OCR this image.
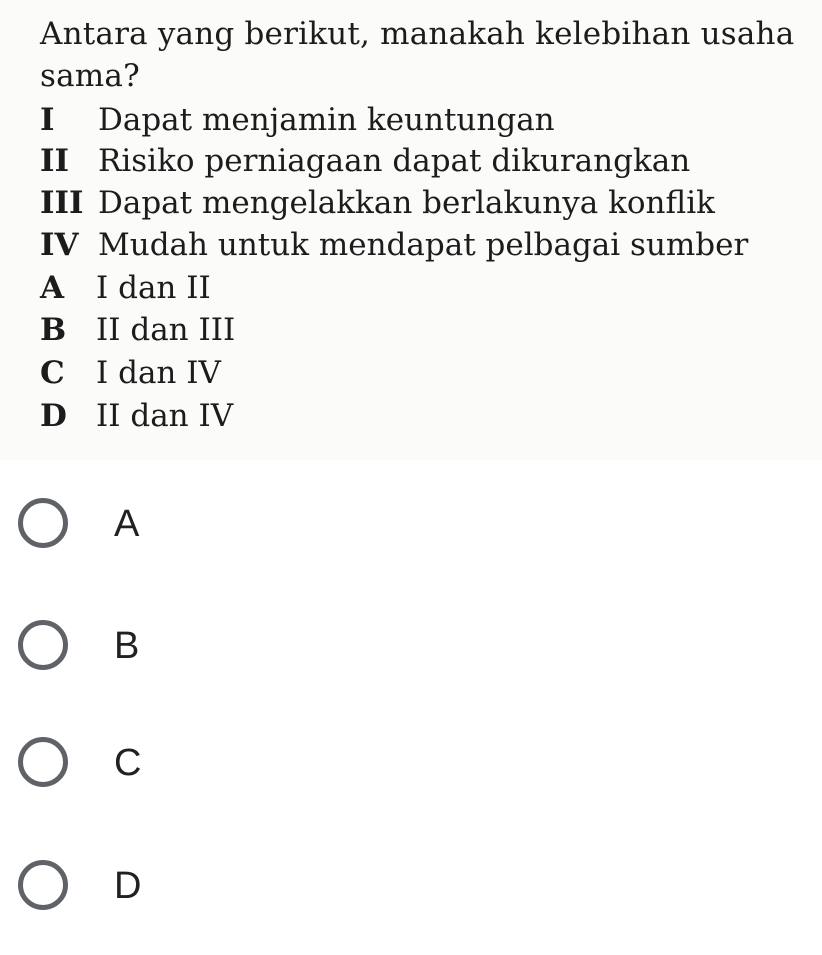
Antara yang berikut, manakah kelebihan usaha
sama?
I Dapat menjamin keuntungan
II Risiko perniagaan dapat dikurangkan
III Dapat mengelakkan berlakunya konflik
IV Mudah untuk mendapat pelbagai sumber
A I dan II
B II dan III
C I dan IV
D II dan IV
A
B
C
D
